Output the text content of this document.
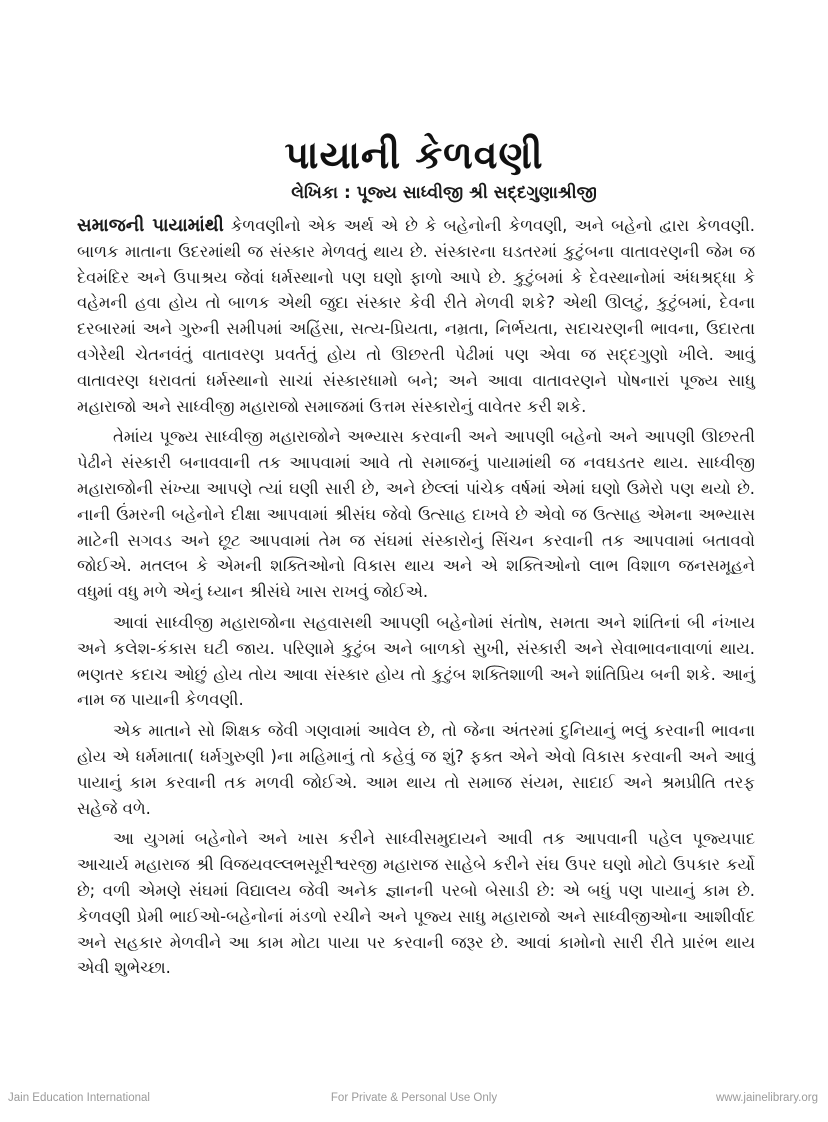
પાયાની કેળવણી
લેખિકા : પૂજ્ય સાધ્વીજી શ્રી સદ્દગુણાશ્રીજી

સમાજની પાયામાંથી કેળવણીનો એક અર્થ એ છે કે બહેનોની કેળવણી, અને બહેનો દ્વારા કેળવણી. બાળક માતાના ઉદરમાંથી જ સંસ્કાર મેળવતું થાય છે. સંસ્કારના ઘડતરમાં કુટુંબના વાતાવરણની જેમ જ દેવમંદિર અને ઉપાશ્રય જેવાં ધર્મસ્થાનો પણ ઘણો ફાળો આપે છે. કુટુંબમાં કે દેવસ્થાનોમાં અંધશ્રદ્ધા કે વહેમની હવા હોય તો બાળક એથી જુદા સંસ્કાર કેવી રીતે મેળવી શકે? એથી ઊલટું, કુટુંબમાં, દેવના દરબારમાં અને ગુરુની સમીપમાં અહિંસા, સત્ય-પ્રિયતા, નમ્રતા, નિર્ભયતા, સદાચરણની ભાવના, ઉદારતા વગેરેથી ચેતનવંતું વાતાવરણ પ્રવર્તતું હોય તો ઊછરતી પેઢીમાં પણ એવા જ સદ્દગુણો ખીલે. આવું વાતાવરણ ધરાવતાં ધર્મસ્થાનો સાચાં સંસ્કારધામો બને; અને આવા વાતાવરણને પોષનારાં પૂજ્ય સાધુ મહારાજો અને સાધ્વીજી મહારાજો સમાજમાં ઉત્તમ સંસ્કારોનું વાવેતર કરી શકે.

તેમાંય પૂજ્ય સાધ્વીજી મહારાજોને અભ્યાસ કરવાની અને આપણી બહેનો અને આપણી ઊછરતી પેઢીને સંસ્કારી બનાવવાની તક આપવામાં આવે તો સમાજનું પાયામાંથી જ નવઘડતર થાય. સાધ્વીજી મહારાજોની સંખ્યા આપણે ત્યાં ઘણી સારી છે, અને છેલ્લાં પાંચેક વર્ષમાં એમાં ઘણો ઉમેરો પણ થયો છે. નાની ઉંમરની બહેનોને દીક્ષા આપવામાં શ્રીસંઘ જેવો ઉત્સાહ દાખવે છે એવો જ ઉત્સાહ એમના અભ્યાસ માટેની સગવડ અને છૂટ આપવામાં તેમ જ સંઘમાં સંસ્કારોનું સિંચન કરવાની તક આપવામાં બતાવવો જોઈએ. મતલબ કે એમની શક્તિઓનો વિકાસ થાય અને એ શક્તિઓનો લાભ વિશાળ જનસમૂહને વધુમાં વધુ મળે એનું ધ્યાન શ્રીસંઘે ખાસ રાખવું જોઈએ.

આવાં સાધ્વીજી મહારાજોના સહવાસથી આપણી બહેનોમાં સંતોષ, સમતા અને શાંતિનાં બી નંખાય અને કલેશ-કંકાસ ઘટી જાય. પરિણામે કુટુંબ અને બાળકો સુખી, સંસ્કારી અને સેવાભાવનાવાળાં થાય. ભણતર કદાચ ઓછું હોય તોય આવા સંસ્કાર હોય તો કુટુંબ શક્તિશાળી અને શાંતિપ્રિય બની શકે. આનું નામ જ પાયાની કેળવણી.

એક માતાને સો શિક્ષક જેવી ગણવામાં આવેલ છે, તો જેના અંતરમાં દુનિયાનું ભલું કરવાની ભાવના હોય એ ધર્મમાતા( ધર્મગુરુણી )ના મહિમાનું તો કહેવું જ શું? ફક્ત એને એવો વિકાસ કરવાની અને આવું પાયાનું કામ કરવાની તક મળવી જોઈએ. આમ થાય તો સમાજ સંયમ, સાદાઈ અને શ્રમપ્રીતિ તરફ સહેજે વળે.

આ યુગમાં બહેનોને અને ખાસ કરીને સાધ્વીસમુદાયને આવી તક આપવાની પહેલ પૂજ્યપાદ આચાર્ય મહારાજ શ્રી વિજયવલ્લભસૂરીશ્વરજી મહારાજ સાહેબે કરીને સંઘ ઉપર ઘણો મોટો ઉપકાર કર્યો છે; વળી એમણે સંઘમાં વિદ્યાલય જેવી અનેક જ્ઞાનની પરબો બેસાડી છે: એ બધું પણ પાયાનું કામ છે. કેળવણી પ્રેમી ભાઈઓ-બહેનોનાં મંડળો રચીને અને પૂજ્ય સાધુ મહારાજો અને સાધ્વીજીઓના આશીર્વાદ અને સહકાર મેળવીને આ કામ મોટા પાયા પર કરવાની જરૂર છે. આવાં કામોનો સારી રીતે પ્રારંભ થાય એવી શુભેચ્છા.

Jain Education International	For Private & Personal Use Only	www.jainelibrary.org
